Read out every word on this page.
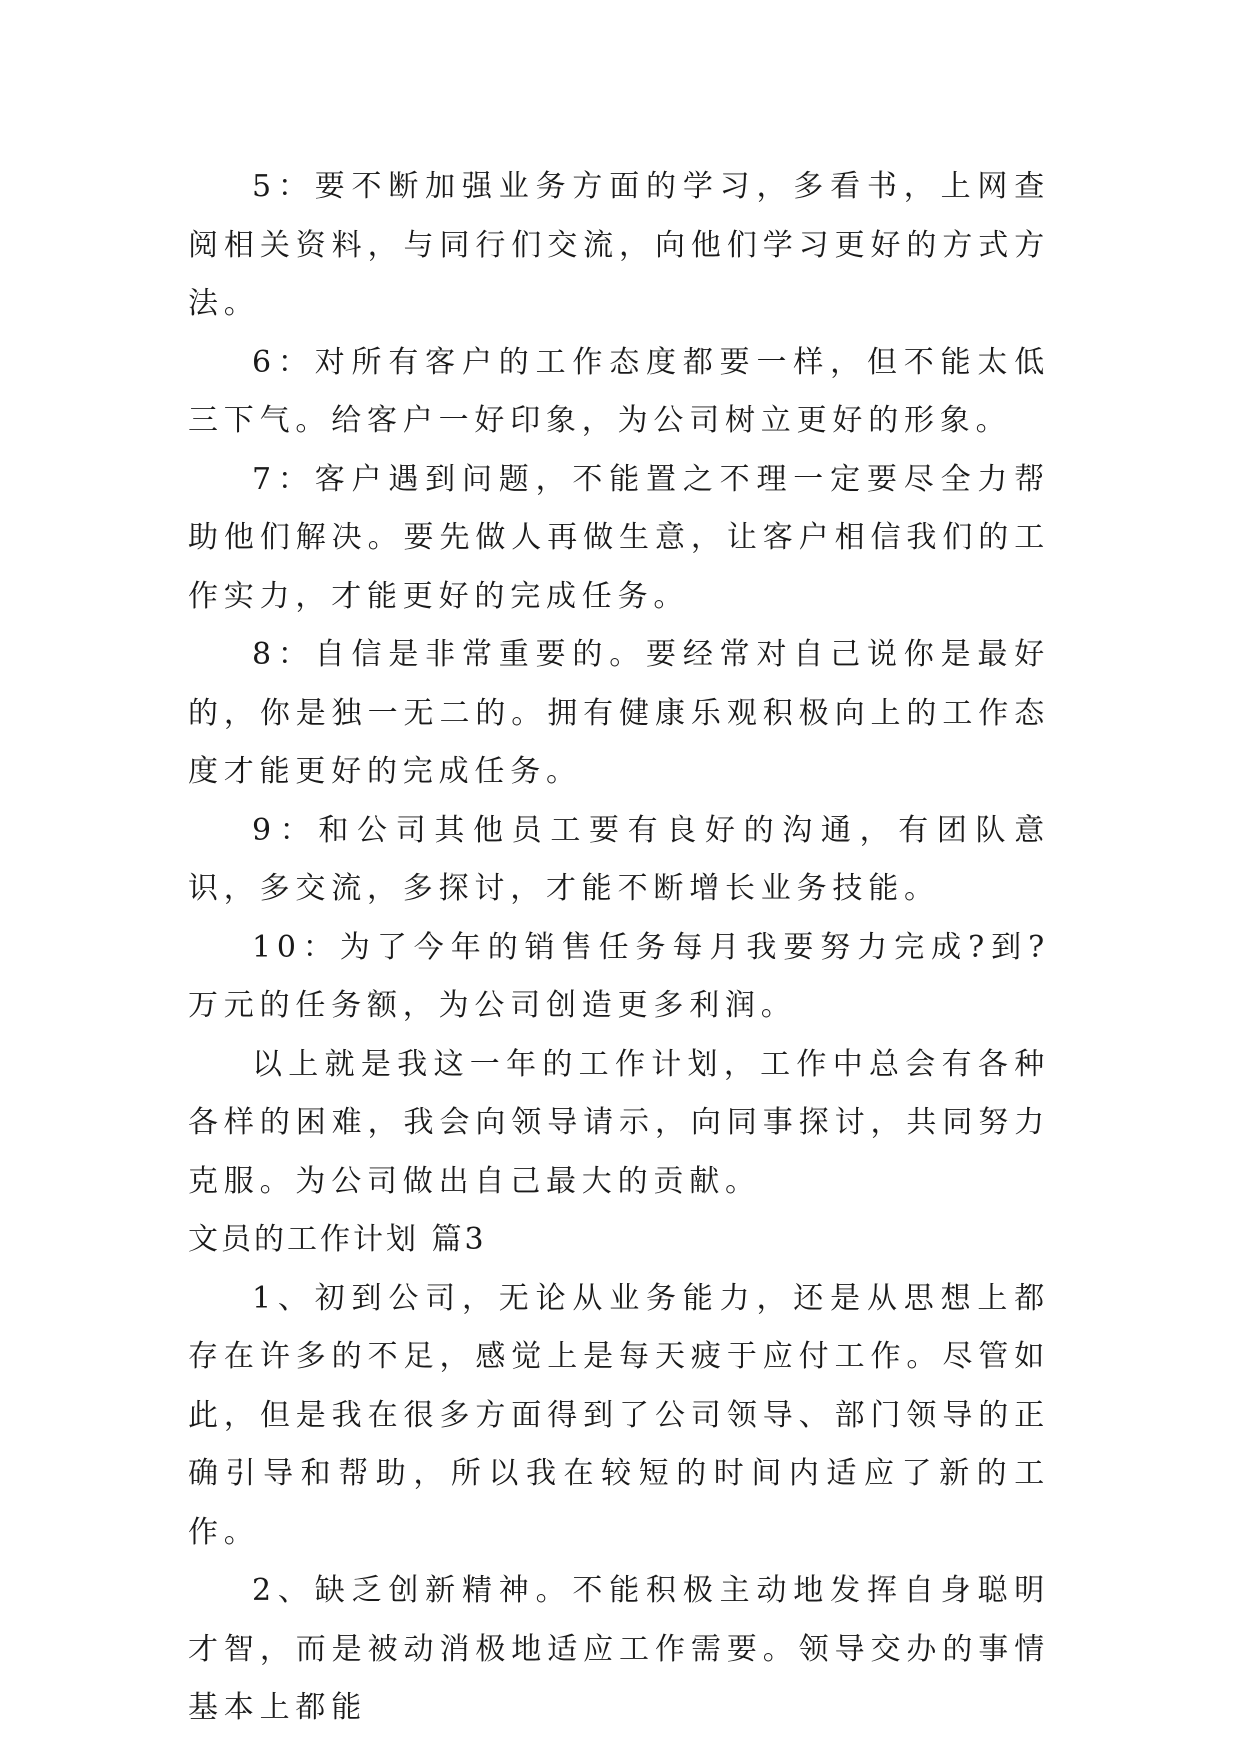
5：要不断加强业务方面的学习，多看书，上网查阅相关资料，与同行们交流，向他们学习更好的方式方法。

6：对所有客户的工作态度都要一样，但不能太低三下气。给客户一好印象，为公司树立更好的形象。

7：客户遇到问题，不能置之不理一定要尽全力帮助他们解决。要先做人再做生意，让客户相信我们的工作实力，才能更好的完成任务。

8：自信是非常重要的。要经常对自己说你是最好的，你是独一无二的。拥有健康乐观积极向上的工作态度才能更好的完成任务。

9：和公司其他员工要有良好的沟通，有团队意识，多交流，多探讨，才能不断增长业务技能。

10：为了今年的销售任务每月我要努力完成?到?万元的任务额，为公司创造更多利润。

以上就是我这一年的工作计划，工作中总会有各种各样的困难，我会向领导请示，向同事探讨，共同努力克服。为公司做出自己最大的贡献。

文员的工作计划 篇3

1、初到公司，无论从业务能力，还是从思想上都存在许多的不足，感觉上是每天疲于应付工作。尽管如此，但是我在很多方面得到了公司领导、部门领导的正确引导和帮助，所以我在较短的时间内适应了新的工作。

2、缺乏创新精神。不能积极主动地发挥自身聪明才智，而是被动消极地适应工作需要。领导交办的事情基本上都能
